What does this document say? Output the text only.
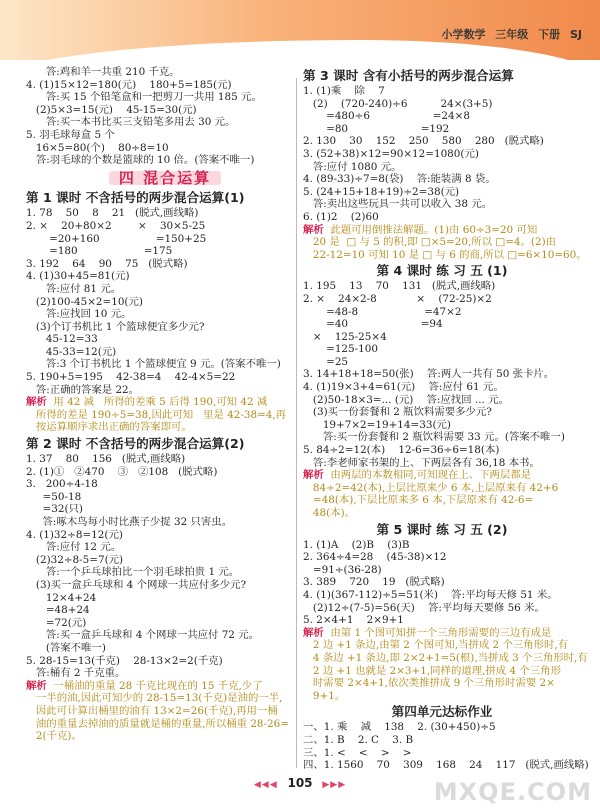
小学数学 三年级 下册 SJ
答:鸡和羊一共重 210 千克。
4. (1)15×12=180(元)    180+5=185(元)
答:买 15 个铅笔盒和一把剪刀一共用 185 元。
(2)5×3=15(元)    45-15=30(元)
答:买一本书比买三支铅笔多用去 30 元。
5. 羽毛球每盒 5 个
16×5=80(个)    80÷8=10
答:羽毛球的个数是篮球的 10 倍。(答案不唯一)
四 混合运算
第 1 课时 不含括号的两步混合运算(1)
1. 78    50    8    21   (脱式,画线略)
2. ×    20+80×2        ×    30×5-25
=20+160                 =150+25
=180                    =175
3. 192    64    90    75   (脱式略)
4. (1)30+45=81(元)
答:应付 81 元。
(2)100-45×2=10(元)
答:应找回 10 元。
(3)个订书机比 1 个篮球便宜多少元?
45-12=33
45-33=12(元)
答:3 个订书机比 1 个篮球便宜 9 元。(答案不唯一)
5. 190+5=195    42-38=4    42-4×5=22
答:正确的答案是 22。
解析  用 42 减   所得的差乘 5 后得 190,可知 42 减
所得的差是 190÷5=38,因此可知   里是 42-38=4,再
按运算顺序求出正确的答案即可。
第 2 课时 不含括号的两步混合运算(2)
1. 37    80    156   (脱式,画线略)
2. (1)①   ②470    ③   ②108   (脱式略)
3.   200÷4-18
=50-18
=32(只)
答:啄木鸟每小时比燕子少捉 32 只害虫。
4. (1)32÷8=12(元)
答:应付 12 元。
(2)32÷8-5=7(元)
答:一个乒乓球拍比一个羽毛球拍贵 1 元。
(3)买一盒乒乓球和 4 个网球一共应付多少元?
12×4+24
=48+24
=72(元)
答:买一盒乒乓球和 4 个网球一共应付 72 元。
(答案不唯一)
5. 28-15=13(千克)    28-13×2=2(千克)
答:桶有 2 千克重。
解析  一桶油的重量 28 千克比现在的 15 千克,少了
一半的油,因此可知少的 28-15=13(千克)是油的一半,
因此可计算出桶里的油有 13×2=26(千克),再用一桶
油的重量去掉油的质量就是桶的重量,所以桶重 28-26=
2(千克)。
第 3 课时 含有小括号的两步混合运算
1. (1)乘    除    7
(2)    (720-240)÷6          24×(3+5)
=480÷6                   =24×8
=80                      =192
2. 130    30    152    250    580    280   (脱式略)
3. (52+38)×12=90×12=1080(元)
答:应付 1080 元。
4. (89-33)÷7=8(袋)    答:能装满 8 袋。
5. (24+15+18+19)÷2=38(元)
答:卖出这些玩具一共可以收入 38 元。
6. (1)2    (2)60
解析  此题可用倒推法解题。(1)由 60÷3=20 可知
20 是  □ 与 5 的积,即 □×5=20,所以 □=4。(2)由
22-12=10 可知 10 是 □ 与 6 的商,所以 □=6×10=60。
第 4 课时 练 习 五 (1)
1. 195    13    70    131   (脱式,画线略)
2. ×    24×2-8            ×    (72-25)×2
=48-8                    =47×2
=40                      =94
×    125-25×4
=125-100
=25
3. 14+18+18=50(张)    答:两人一共有 50 张卡片。
4. (1)19×3+4=61(元)    答:应付 61 元。
(2)50-18×3=... (元)    答:应找回 ... 元。
(3)买一份套餐和 2 瓶饮料需要多少元?
19+7×2=19+14=33(元)
答:买一份套餐和 2 瓶饮料需要 33 元。(答案不唯一)
5. 84÷2=12(本)    12-6=36÷6=18(本)
答:李老师家书架的上、下两层各有 36,18 本书。
解析  由两层的本数相同,可知现在上、下两层都是
84÷2=42(本),上层比原来少 6 本,上层原来有 42+6
=48(本),下层比原来多 6 本,下层原来有 42-6=
48(本)。
第 5 课时 练 习 五 (2)
1. (1)A    (2)B    (3)B
2. 364÷4=28    (45-38)×12
=91÷(36-28)
3. 389    720    19   (脱式略)
4. (1)(367-112)÷5=51(米)    答:平均每天修 51 米。
(2)12÷(7-5)=56(天)    答:平均每天要修 56 米。
5. 2×4+1    2×9+1
解析  由第 1 个图可知拼一个三角形需要的三边有成是
2 边 +1 条边,由第 2 个图可知,当拼成 2 个三角形时,有
4 条边 +1 条边,即 2×2+1=5(根),当拼成 3 个三角形时,有
2 边 +1 也就是 2×3+1,同样的道理,拼成 4 个三角形
时需要 2×4+1,依次类推拼成 9 个三角形时需要 2×
9+1。
第四单元达标作业
一、1. 乘    减    138    2. (30+450)÷5
二、1. B    2. C    3. B
三、1. <    <    >    >
四、1. 1560    70    309    168    24    117   (脱式,画线略)
◀◀◀ 105 ▶▶▶	MXQE.COM
